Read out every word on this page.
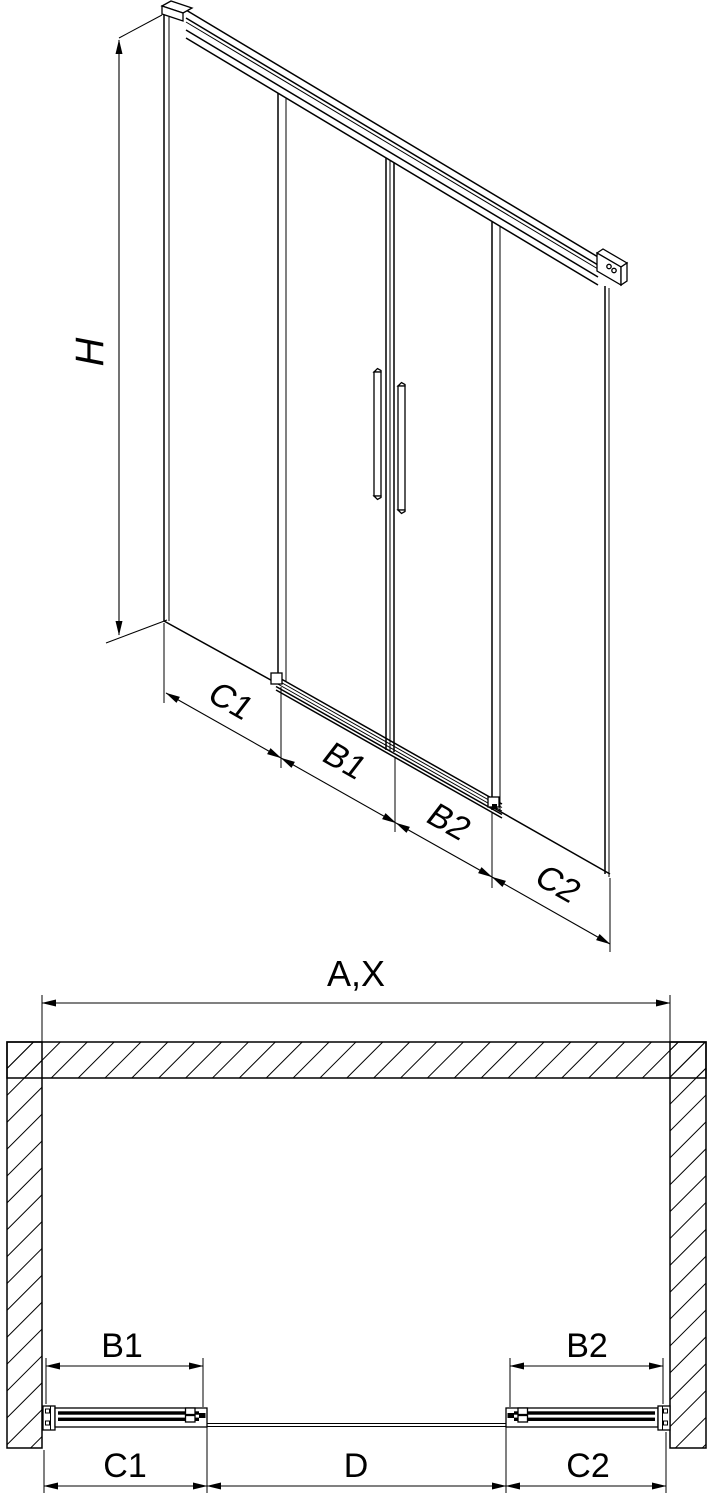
H
C1
B1
B2
C2
A,X
B1	B2
C1	D	C2
